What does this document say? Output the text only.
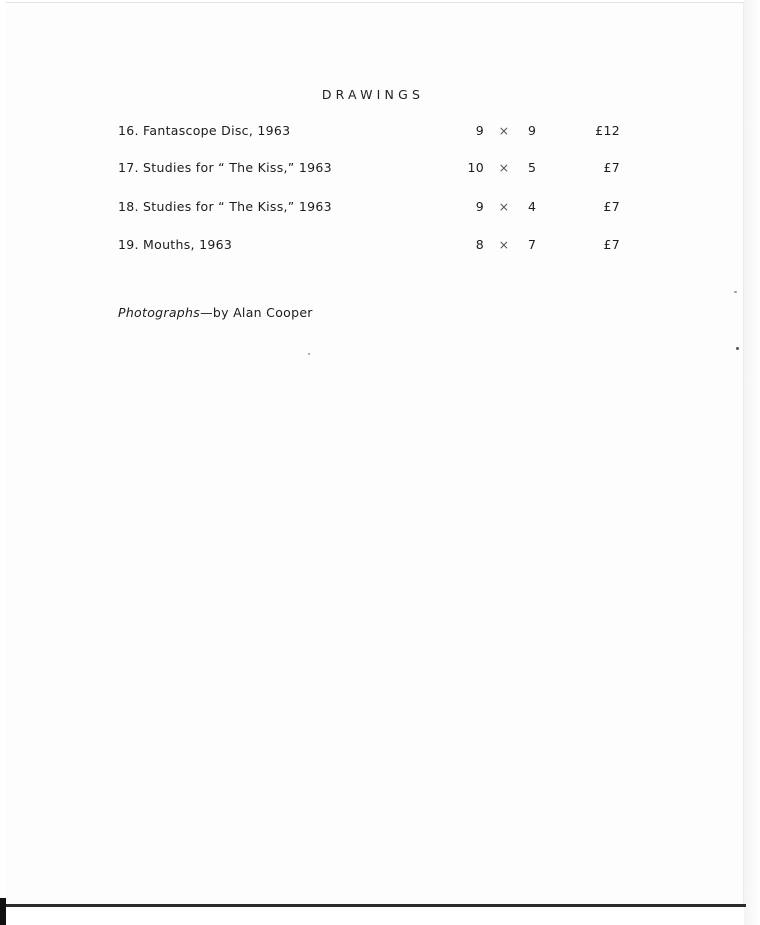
DRAWINGS
16. Fantascope Disc, 1963	9 × 9	£12
17. Studies for “ The Kiss,” 1963	10 × 5	£7
18. Studies for “ The Kiss,” 1963	9 × 4	£7
19. Mouths, 1963	8 × 7	£7
Photographs—by Alan Cooper
